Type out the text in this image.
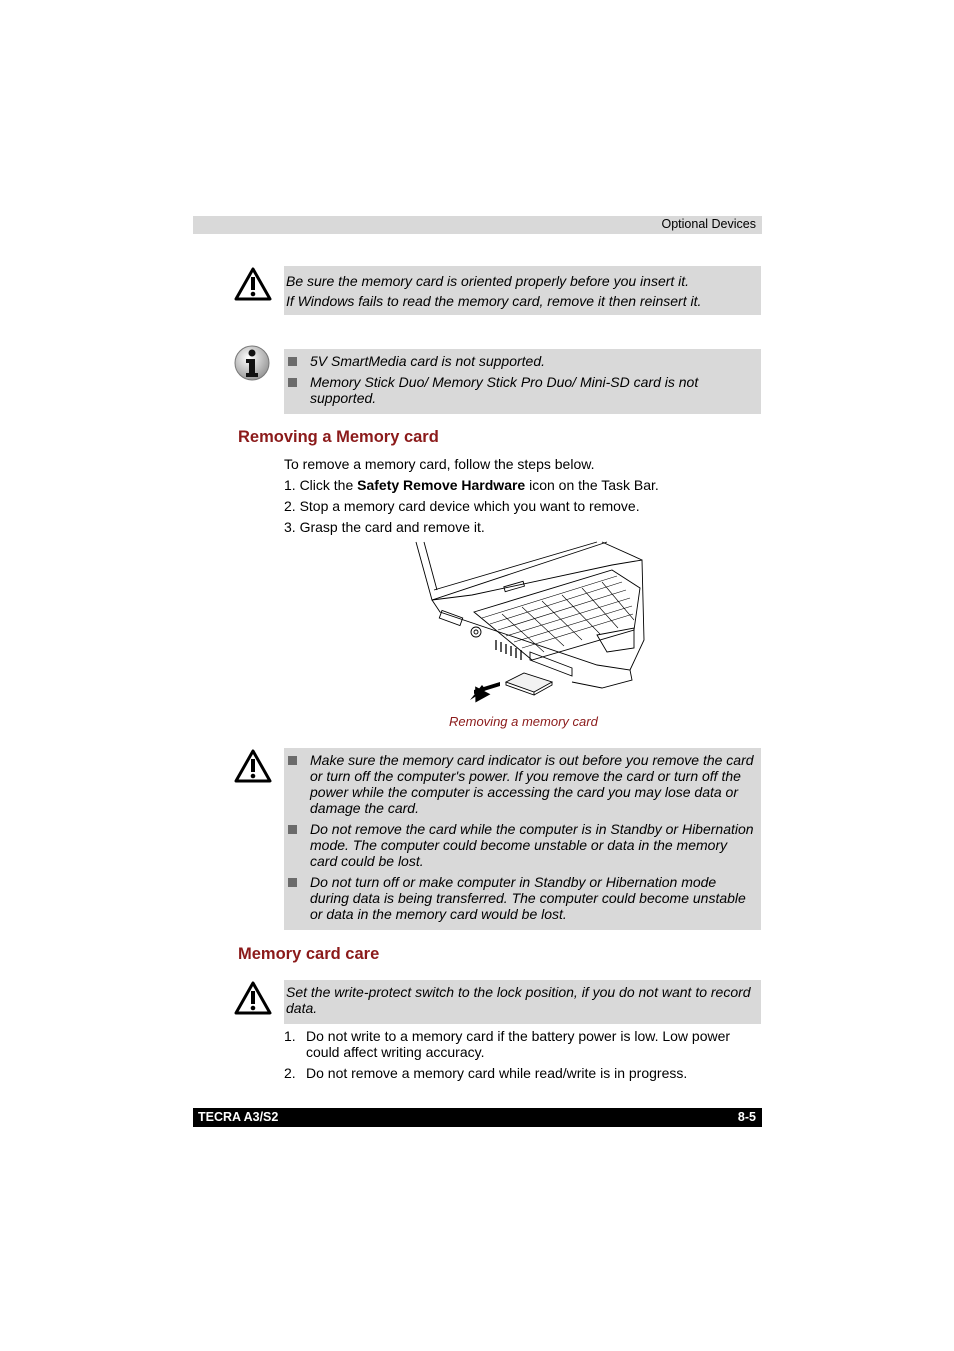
Optional Devices
Be sure the memory card is oriented properly before you insert it.
If Windows fails to read the memory card, remove it then reinsert it.
5V SmartMedia card is not supported.
Memory Stick Duo/ Memory Stick Pro Duo/ Mini-SD card is not supported.
Removing a Memory card
To remove a memory card, follow the steps below.
1. Click the Safety Remove Hardware icon on the Task Bar.
2. Stop a memory card device which you want to remove.
3. Grasp the card and remove it.
Removing a memory card
Make sure the memory card indicator is out before you remove the card or turn off the computer's power. If you remove the card or turn off the power while the computer is accessing the card you may lose data or damage the card.
Do not remove the card while the computer is in Standby or Hibernation mode. The computer could become unstable or data in the memory card could be lost.
Do not turn off or make computer in Standby or Hibernation mode during data is being transferred. The computer could become unstable or data in the memory card would be lost.
Memory card care
Set the write-protect switch to the lock position, if you do not want to record data.
1. Do not write to a memory card if the battery power is low. Low power could affect writing accuracy.
2. Do not remove a memory card while read/write is in progress.
TECRA A3/S2	8-5
